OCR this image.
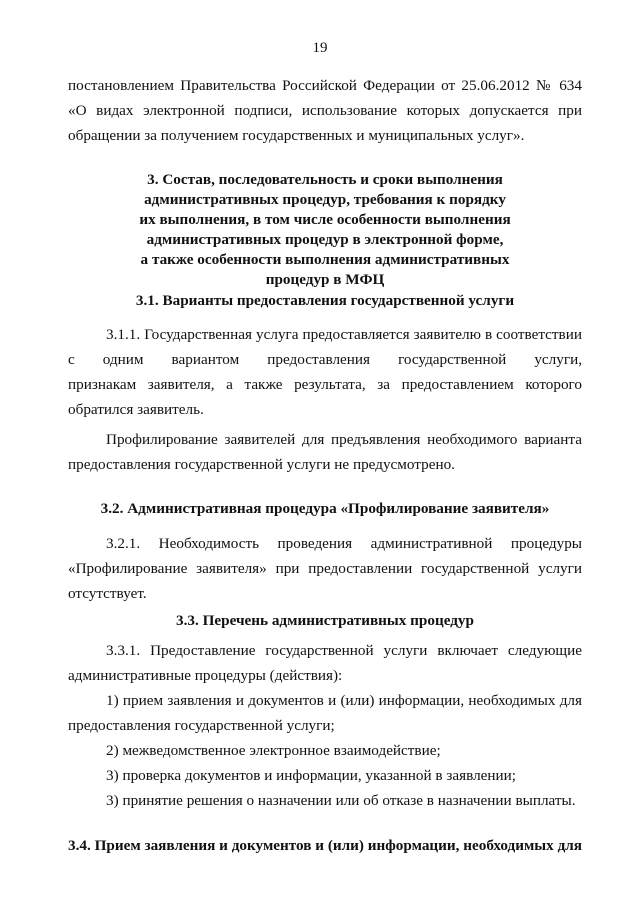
19
постановлением Правительства Российской Федерации от 25.06.2012 № 634
«О видах электронной подписи, использование которых допускается при
обращении за получением государственных и муниципальных услуг».
3. Состав, последовательность и сроки выполнения
административных процедур, требования к порядку
их выполнения, в том числе особенности выполнения
административных процедур в электронной форме,
а также особенности выполнения административных
процедур в МФЦ
3.1. Варианты предоставления государственной услуги
3.1.1. Государственная услуга предоставляется заявителю в соответствии
с одним вариантом предоставления государственной услуги,
признакам заявителя, а также результата, за предоставлением которого
обратился заявитель.
Профилирование заявителей для предъявления необходимого варианта
предоставления государственной услуги не предусмотрено.
3.2. Административная процедура «Профилирование заявителя»
3.2.1. Необходимость проведения административной процедуры
«Профилирование заявителя» при предоставлении государственной услуги
отсутствует.
3.3. Перечень административных процедур
3.3.1. Предоставление государственной услуги включает следующие
административные процедуры (действия):
1) прием заявления и документов и (или) информации, необходимых для
предоставления государственной услуги;
2) межведомственное электронное взаимодействие;
3) проверка документов и информации, указанной в заявлении;
3) принятие решения о назначении или об отказе в назначении выплаты.
3.4. Прием заявления и документов и (или) информации, необходимых для
